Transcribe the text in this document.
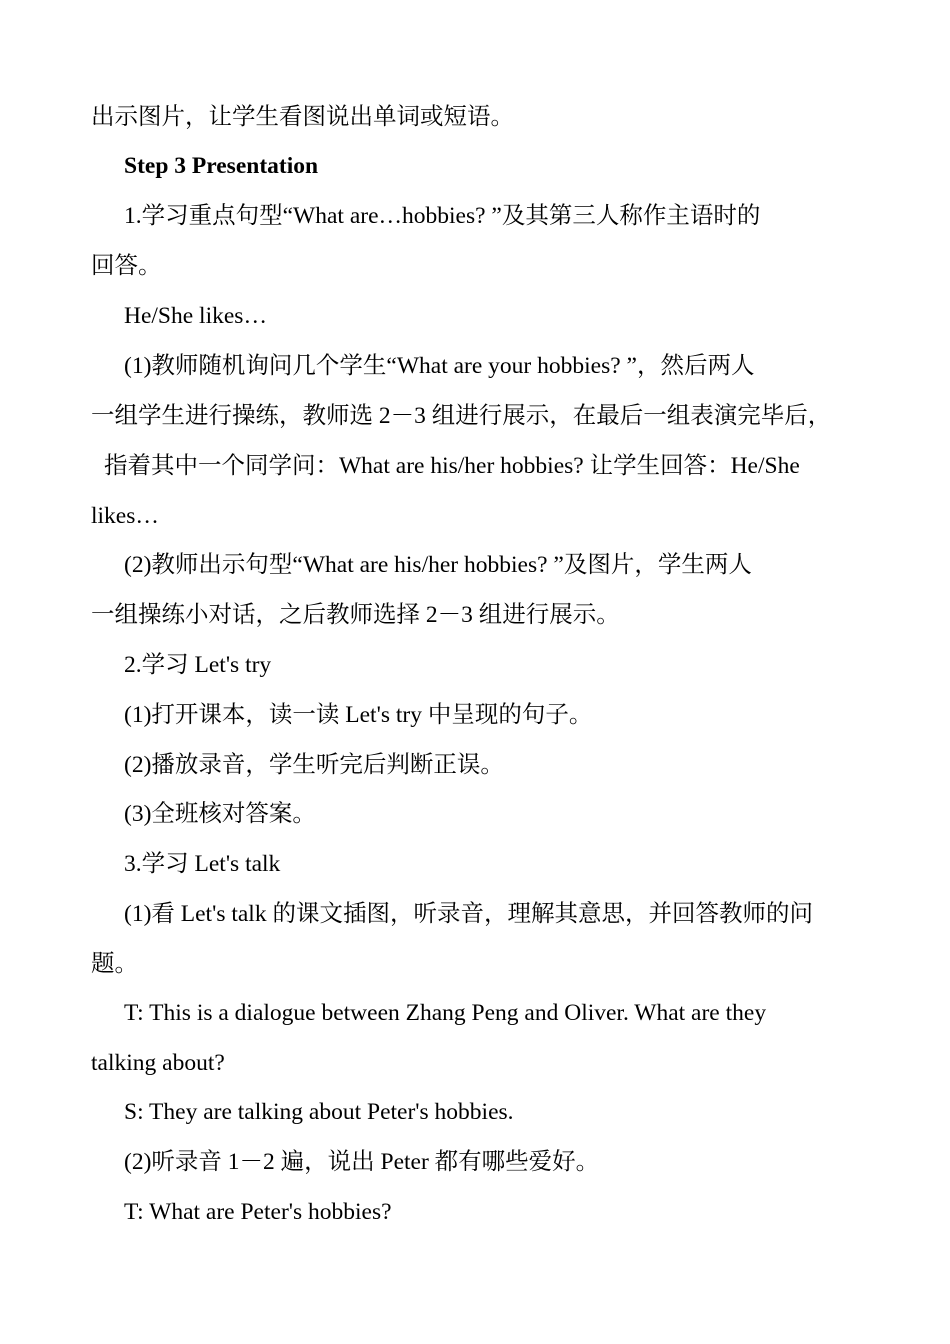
出示图片，让学生看图说出单词或短语。
Step 3 Presentation
1.学习重点句型“What are…hobbies? ”及其第三人称作主语时的
回答。
He/She likes…
(1)教师随机询问几个学生“What are your hobbies? ”，然后两人
一组学生进行操练，教师选 2－3 组进行展示，在最后一组表演完毕后，
指着其中一个同学问：What are his/her hobbies? 让学生回答：He/She
likes…
(2)教师出示句型“What are his/her hobbies? ”及图片，学生两人
一组操练小对话，之后教师选择 2－3 组进行展示。
2.学习 Let's try
(1)打开课本，读一读 Let's try 中呈现的句子。
(2)播放录音，学生听完后判断正误。
(3)全班核对答案。
3.学习 Let's talk
(1)看 Let's talk 的课文插图，听录音，理解其意思，并回答教师的问
题。
T: This is a dialogue between Zhang Peng and Oliver. What are they
talking about?
S: They are talking about Peter's hobbies.
(2)听录音 1－2 遍，说出 Peter 都有哪些爱好。
T: What are Peter's hobbies?
